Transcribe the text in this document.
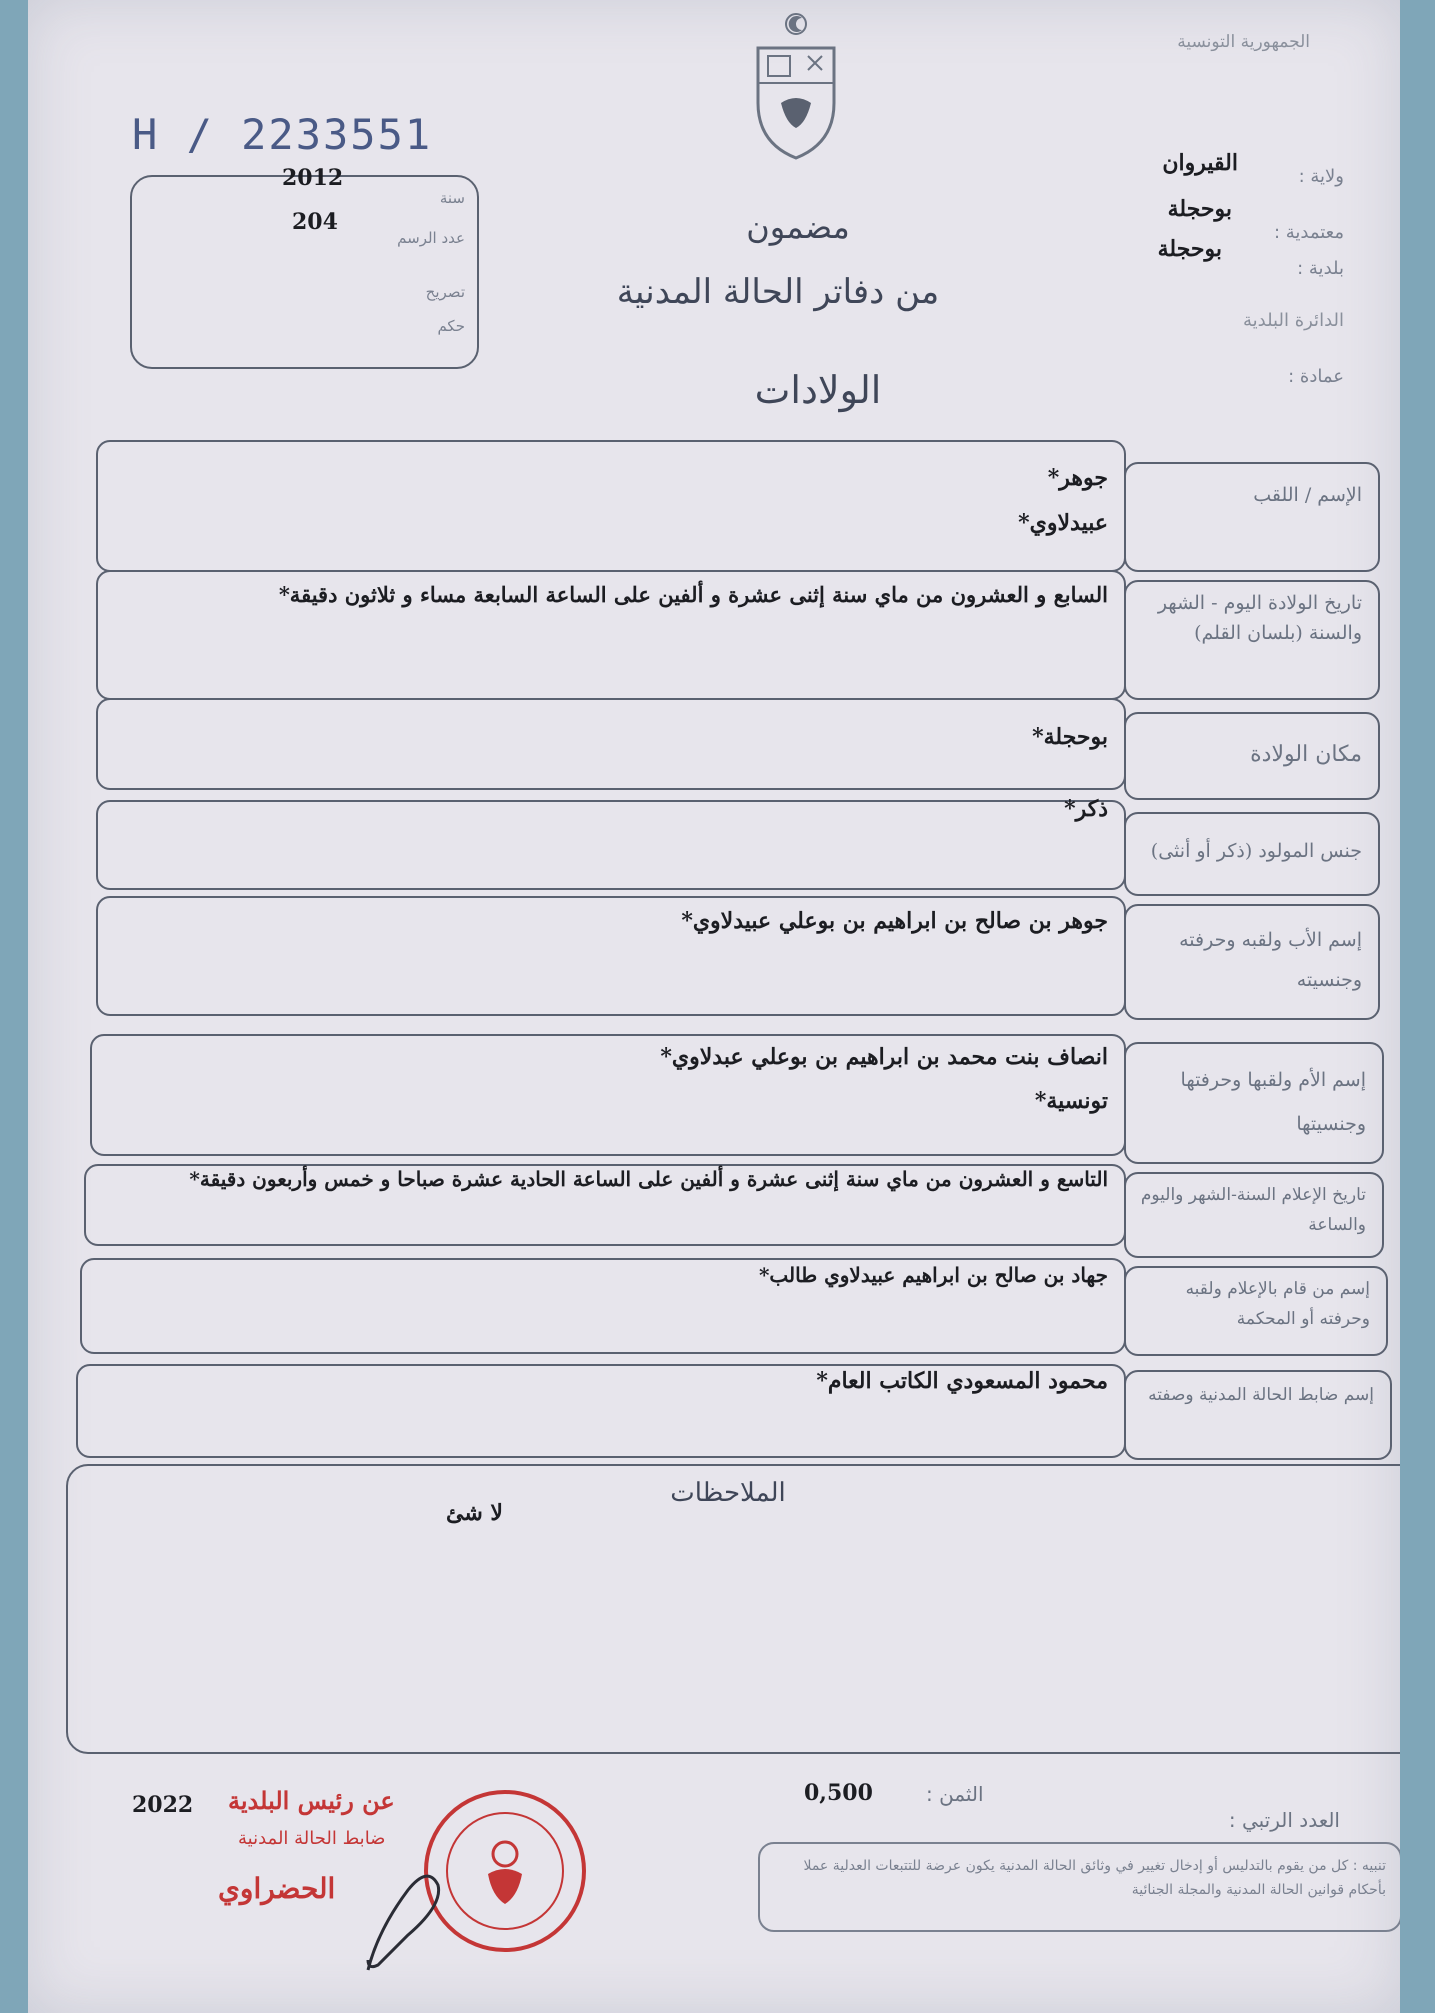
الجمهورية التونسية
H / 2233551
2012
204
سنة
عدد الرسم
تصريح
حكم
ولاية :
القيروان
معتمدية :
بوحجلة
بلدية :
بوحجلة
الدائرة البلدية
عمادة :
مضمون
من دفاتر الحالة المدنية
الولادات
الإسم / اللقب
جوهر*
عبيدلاوي*
تاريخ الولادة اليوم - الشهر والسنة (بلسان القلم)
السابع و العشرون من ماي سنة إثنى عشرة و ألفين على الساعة السابعة مساء و ثلاثون دقيقة*
مكان الولادة
بوحجلة*
جنس المولود (ذكر أو أنثى)
ذكر*
إسم الأب ولقبه وحرفته وجنسيته
جوهر بن صالح بن ابراهيم بن بوعلي عبيدلاوي*
إسم الأم ولقبها وحرفتها وجنسيتها
انصاف بنت محمد بن ابراهيم بن بوعلي عبدلاوي*
تونسية*
تاريخ الإعلام السنة-الشهر واليوم والساعة
التاسع و العشرون من ماي سنة إثنى عشرة و ألفين على الساعة الحادية عشرة صباحا و خمس وأربعون دقيقة*
إسم من قام بالإعلام ولقبه وحرفته أو المحكمة
جهاد بن صالح بن ابراهيم عبيدلاوي طالب*
إسم ضابط الحالة المدنية وصفته
محمود المسعودي الكاتب العام*
الملاحظات
لا شئ
الثمن :
0,500
العدد الرتبي :
2022 عن رئيس البلدية
ضابط الحالة المدنية
الحضراوي
تنبيه : كل من يقوم بالتدليس أو إدخال تغيير في وثائق الحالة المدنية يكون عرضة للتتبعات العدلية عملا بأحكام قوانين الحالة المدنية والمجلة الجنائية
